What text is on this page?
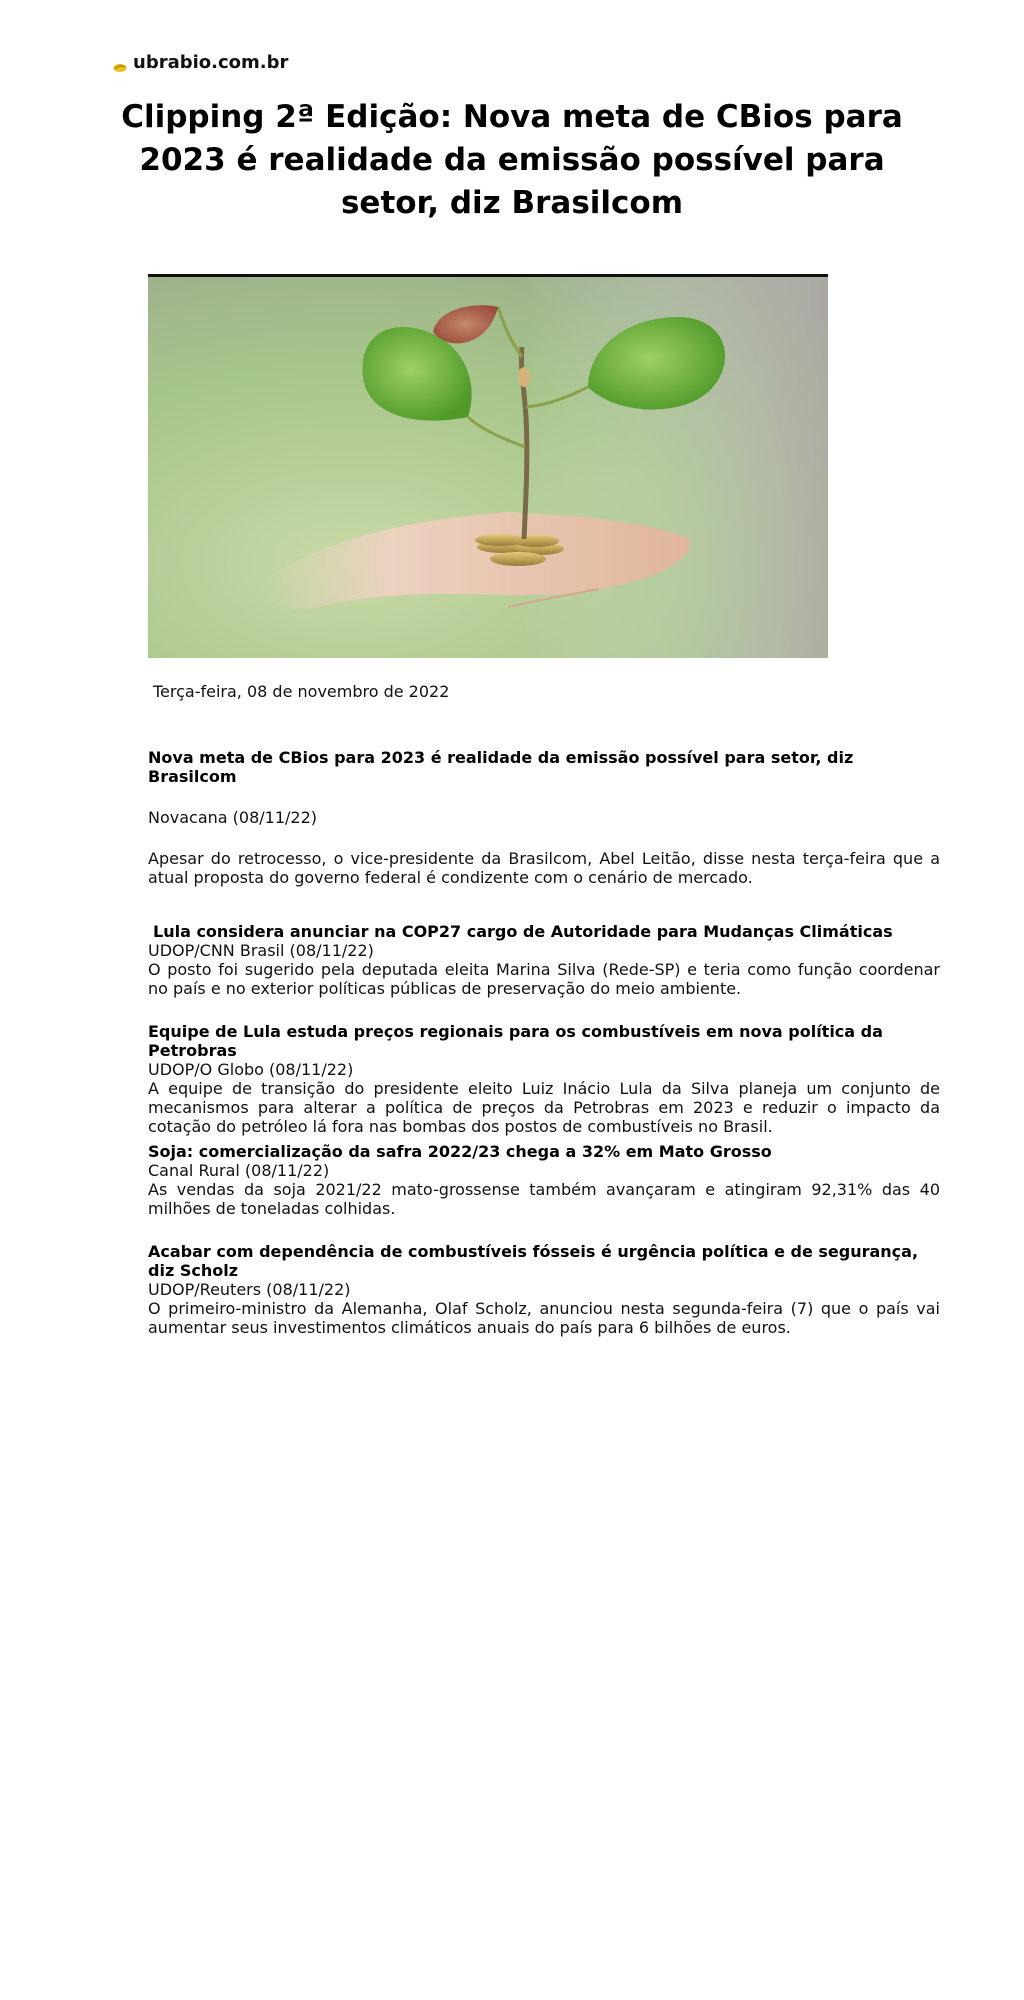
ubrabio.com.br
Clipping 2ª Edição: Nova meta de CBios para 2023 é realidade da emissão possível para setor, diz Brasilcom
Terça-feira, 08 de novembro de 2022
Nova meta de CBios para 2023 é realidade da emissão possível para setor, diz Brasilcom

Novacana (08/11/22)

Apesar do retrocesso, o vice-presidente da Brasilcom, Abel Leitão, disse nesta terça-feira que a atual proposta do governo federal é condizente com o cenário de mercado.

Lula considera anunciar na COP27 cargo de Autoridade para Mudanças Climáticas

UDOP/CNN Brasil (08/11/22)

O posto foi sugerido pela deputada eleita Marina Silva (Rede-SP) e teria como função coordenar no país e no exterior políticas públicas de preservação do meio ambiente.

Equipe de Lula estuda preços regionais para os combustíveis em nova política da Petrobras

UDOP/O Globo (08/11/22)

A equipe de transição do presidente eleito Luiz Inácio Lula da Silva planeja um conjunto de mecanismos para alterar a política de preços da Petrobras em 2023 e reduzir o impacto da cotação do petróleo lá fora nas bombas dos postos de combustíveis no Brasil.

Soja: comercialização da safra 2022/23 chega a 32% em Mato Grosso

Canal Rural (08/11/22)

As vendas da soja 2021/22 mato-grossense também avançaram e atingiram 92,31% das 40 milhões de toneladas colhidas.

Acabar com dependência de combustíveis fósseis é urgência política e de segurança, diz Scholz

UDOP/Reuters (08/11/22)

O primeiro-ministro da Alemanha, Olaf Scholz, anunciou nesta segunda-feira (7) que o país vai aumentar seus investimentos climáticos anuais do país para 6 bilhões de euros.
